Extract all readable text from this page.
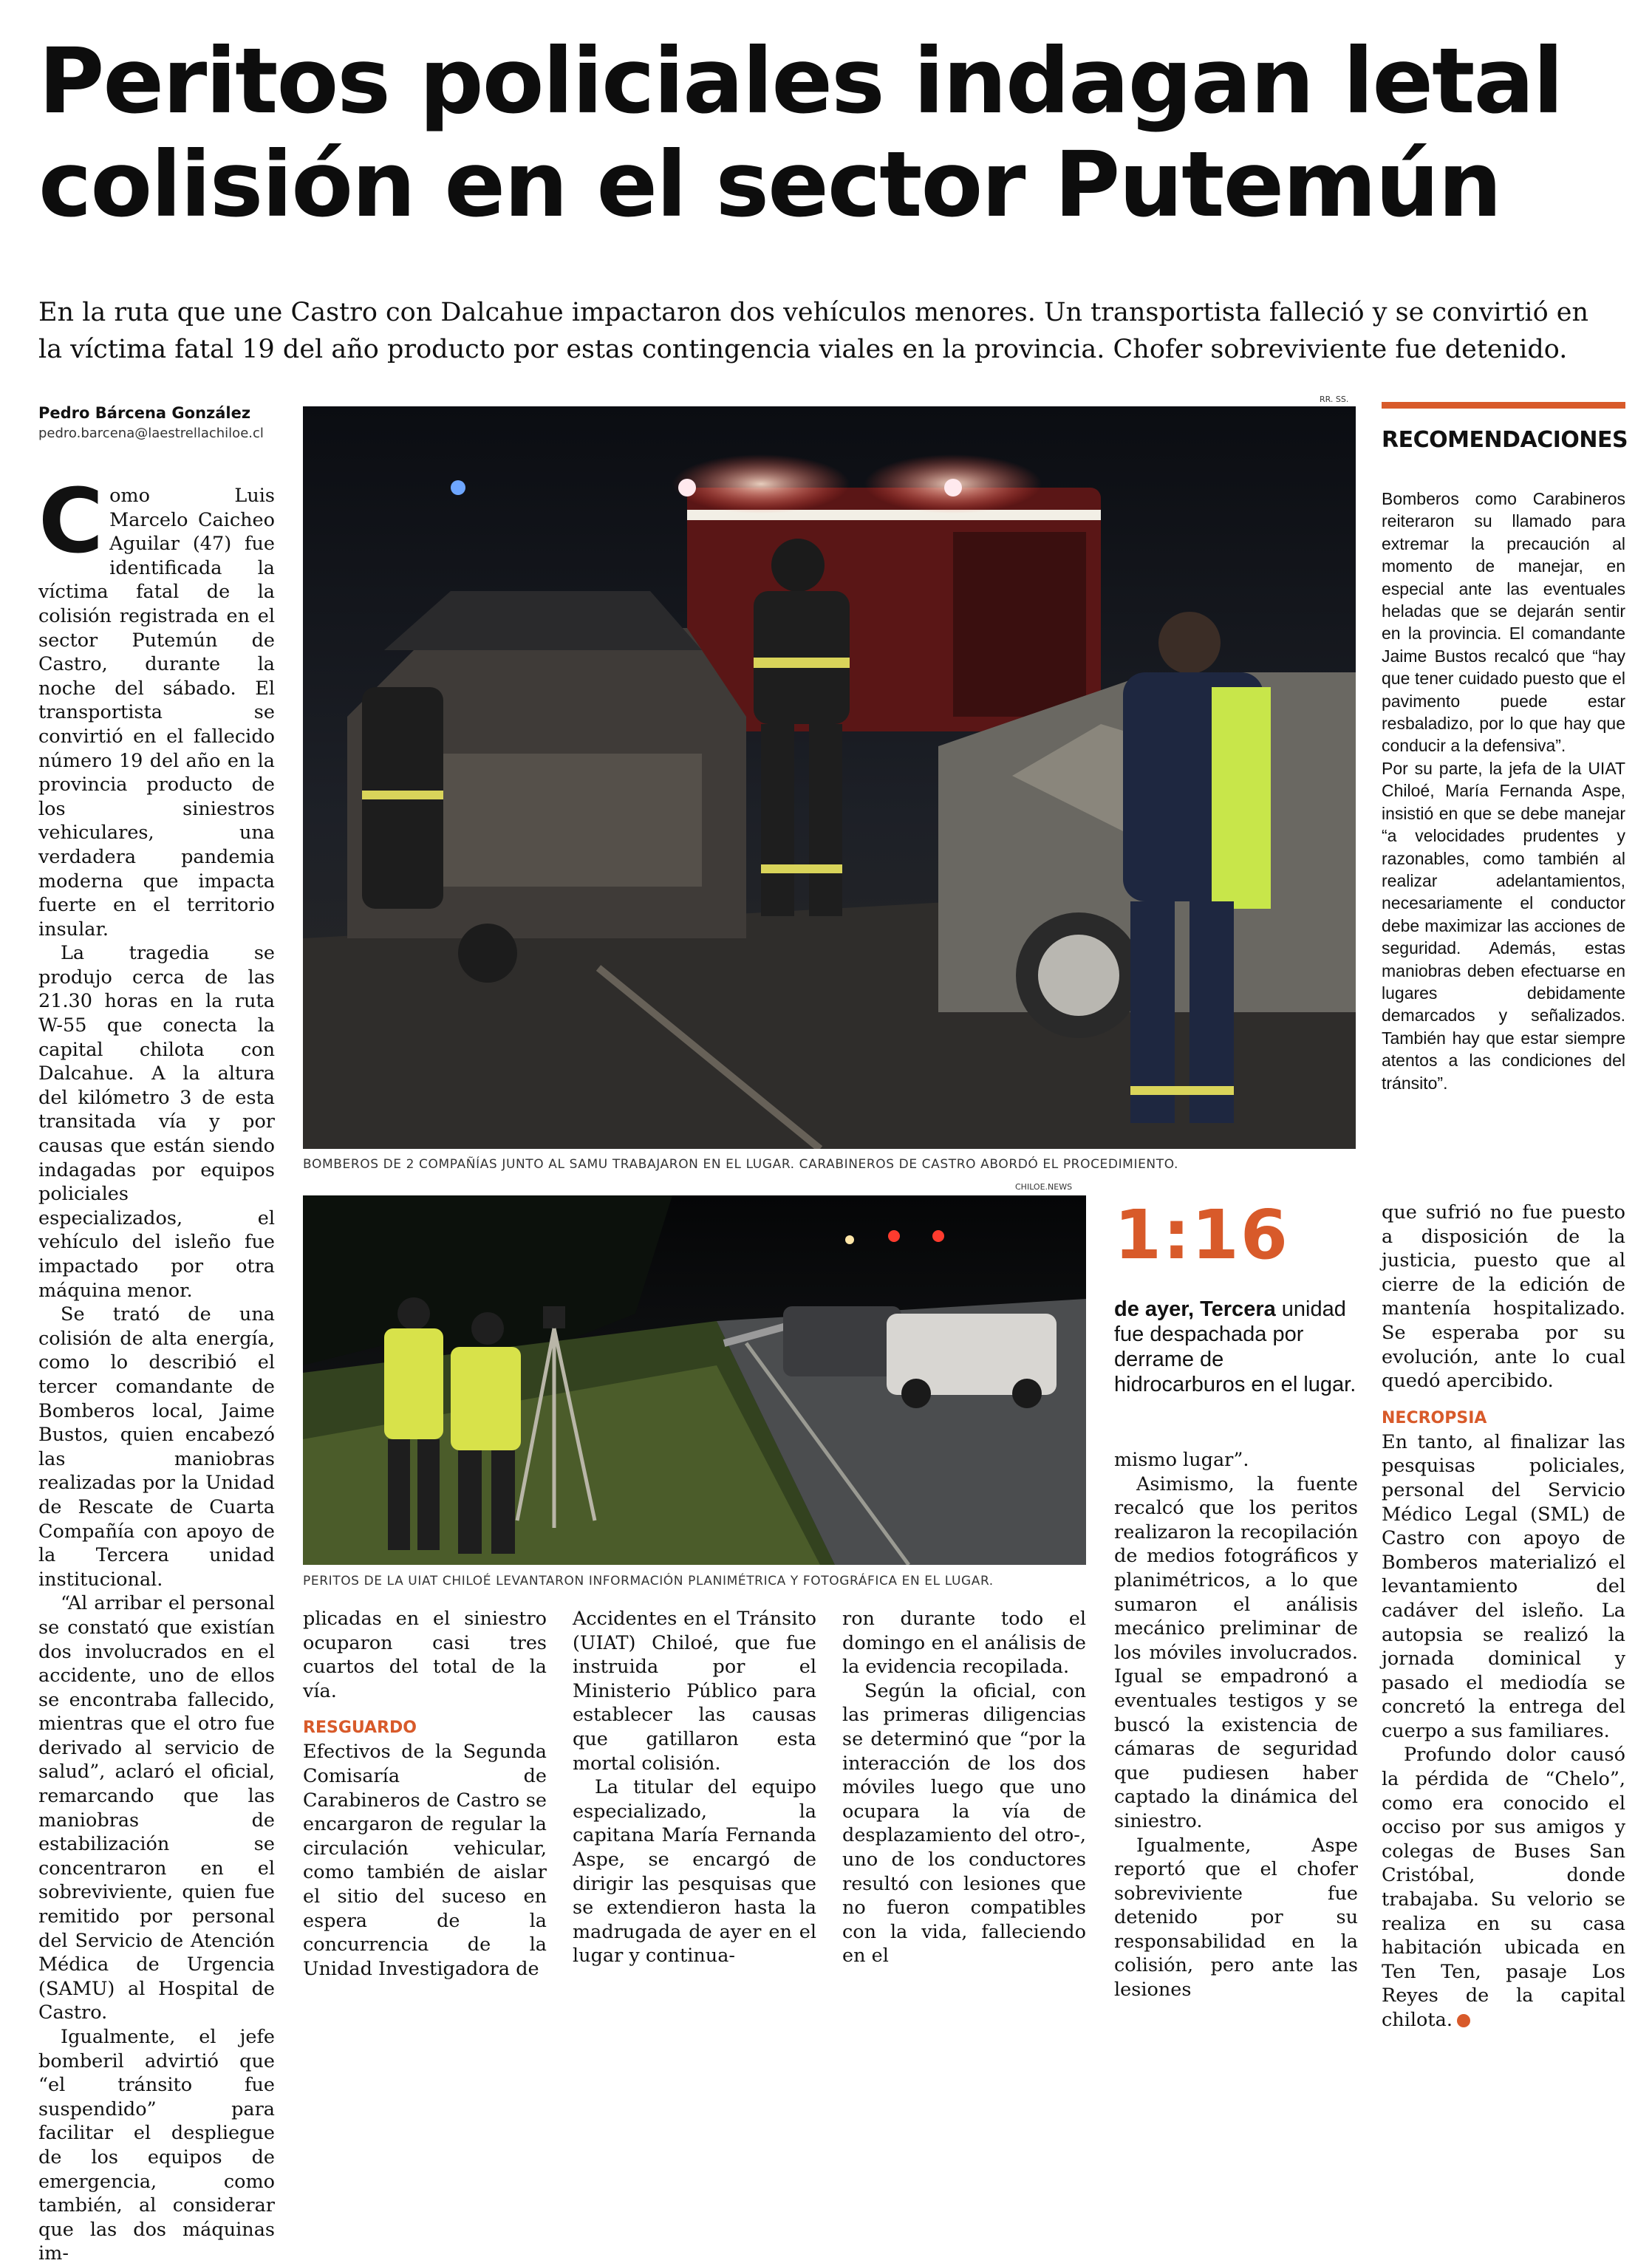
Peritos policiales indagan letal colisión en el sector Putemún

En la ruta que une Castro con Dalcahue impactaron dos vehículos menores. Un transportista falleció y se convirtió en la víctima fatal 19 del año producto por estas contingencia viales en la provincia. Chofer sobreviviente fue detenido.

Pedro Bárcena González
pedro.barcena@laestrellachiloe.cl

Como Luis Marcelo Caicheo Aguilar (47) fue identificada la víctima fatal de la colisión registrada en el sector Putemún de Castro, durante la noche del sábado. El transportista se convirtió en el fallecido número 19 del año en la provincia producto de los siniestros vehiculares, una verdadera pandemia moderna que impacta fuerte en el territorio insular.

La tragedia se produjo cerca de las 21.30 horas en la ruta W-55 que conecta la capital chilota con Dalcahue. A la altura del kilómetro 3 de esta transitada vía y por causas que están siendo indagadas por equipos policiales especializados, el vehículo del isleño fue impactado por otra máquina menor.

Se trató de una colisión de alta energía, como lo describió el tercer comandante de Bomberos local, Jaime Bustos, quien encabezó las maniobras realizadas por la Unidad de Rescate de Cuarta Compañía con apoyo de la Tercera unidad institucional.

“Al arribar el personal se constató que existían dos involucrados en el accidente, uno de ellos se encontraba fallecido, mientras que el otro fue derivado al servicio de salud”, aclaró el oficial, remarcando que las maniobras de estabilización se concentraron en el sobreviviente, quien fue remitido por personal del Servicio de Atención Médica de Urgencia (SAMU) al Hospital de Castro.

Igualmente, el jefe bomberil advirtió que “el tránsito fue suspendido” para facilitar el despliegue de los equipos de emergencia, como también, al considerar que las dos máquinas im-

RR. SS.
BOMBEROS DE 2 COMPAÑÍAS JUNTO AL SAMU TRABAJARON EN EL LUGAR. CARABINEROS DE CASTRO ABORDÓ EL PROCEDIMIENTO.
CHILOE.NEWS
PERITOS DE LA UIAT CHILOÉ LEVANTARON INFORMACIÓN PLANIMÉTRICA Y FOTOGRÁFICA EN EL LUGAR.

plicadas en el siniestro ocuparon casi tres cuartos del total de la vía.

RESGUARDO

Efectivos de la Segunda Comisaría de Carabineros de Castro se encargaron de regular la circulación vehicular, como también de aislar el sitio del suceso en espera de la concurrencia de la Unidad Investigadora de

Accidentes en el Tránsito (UIAT) Chiloé, que fue instruida por el Ministerio Público para establecer las causas que gatillaron esta mortal colisión.

La titular del equipo especializado, la capitana María Fernanda Aspe, se encargó de dirigir las pesquisas que se extendieron hasta la madrugada de ayer en el lugar y continua-

ron durante todo el domingo en el análisis de la evidencia recopilada.

Según la oficial, con las primeras diligencias se determinó que “por la interacción de los dos móviles luego que uno ocupara la vía de desplazamiento del otro-, uno de los conductores resultó con lesiones que no fueron compatibles con la vida, falleciendo en el

1:16
de ayer, Tercera unidad fue despachada por derrame de hidrocarburos en el lugar.

mismo lugar”.

Asimismo, la fuente recalcó que los peritos realizaron la recopilación de medios fotográficos y planimétricos, a lo que sumaron el análisis mecánico preliminar de los móviles involucrados. Igual se empadronó a eventuales testigos y se buscó la existencia de cámaras de seguridad que pudiesen haber captado la dinámica del siniestro.

Igualmente, Aspe reportó que el chofer sobreviviente fue detenido por su responsabilidad en la colisión, pero ante las lesiones

RECOMENDACIONES

Bomberos como Carabineros reiteraron su llamado para extremar la precaución al momento de manejar, en especial ante las eventuales heladas que se dejarán sentir en la provincia. El comandante Jaime Bustos recalcó que “hay que tener cuidado puesto que el pavimento puede estar resbaladizo, por lo que hay que conducir a la defensiva”.

Por su parte, la jefa de la UIAT Chiloé, María Fernanda Aspe, insistió en que se debe manejar “a velocidades prudentes y razonables, como también al realizar adelantamientos, necesariamente el conductor debe maximizar las acciones de seguridad. Además, estas maniobras deben efectuarse en lugares debidamente demarcados y señalizados. También hay que estar siempre atentos a las condiciones del tránsito”.

que sufrió no fue puesto a disposición de la justicia, puesto que al cierre de la edición de mantenía hospitalizado. Se esperaba por su evolución, ante lo cual quedó apercibido.

NECROPSIA

En tanto, al finalizar las pesquisas policiales, personal del Servicio Médico Legal (SML) de Castro con apoyo de Bomberos materializó el levantamiento del cadáver del isleño. La autopsia se realizó la jornada dominical y pasado el mediodía se concretó la entrega del cuerpo a sus familiares.

Profundo dolor causó la pérdida de “Chelo”, como era conocido el occiso por sus amigos y colegas de Buses San Cristóbal, donde trabajaba. Su velorio se realiza en su casa habitación ubicada en Ten Ten, pasaje Los Reyes de la capital chilota.
